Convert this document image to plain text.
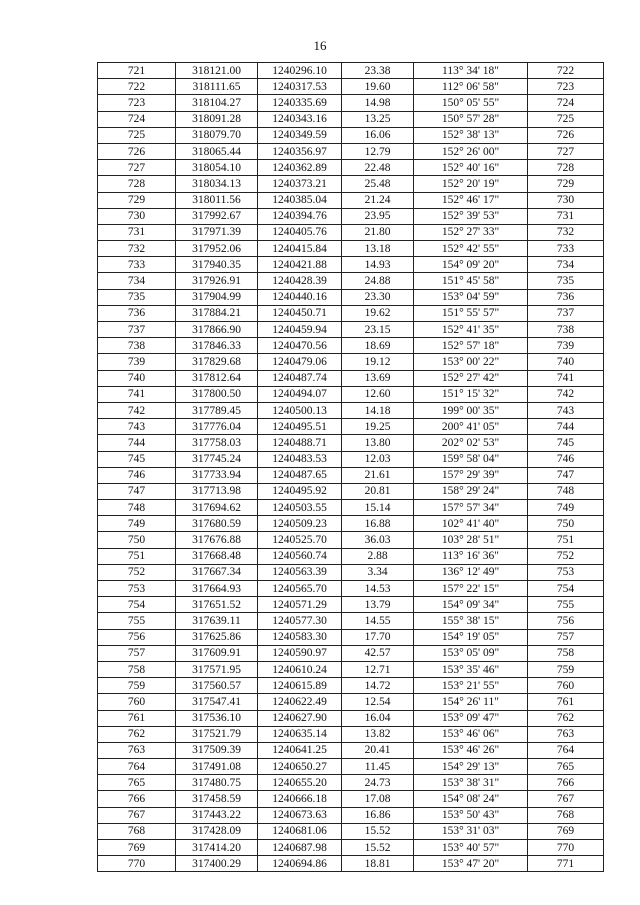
16
721	318121.00	1240296.10	23.38	113° 34' 18"	722
722	318111.65	1240317.53	19.60	112° 06' 58"	723
723	318104.27	1240335.69	14.98	150° 05' 55"	724
724	318091.28	1240343.16	13.25	150° 57' 28"	725
725	318079.70	1240349.59	16.06	152° 38' 13"	726
726	318065.44	1240356.97	12.79	152° 26' 00"	727
727	318054.10	1240362.89	22.48	152° 40' 16"	728
728	318034.13	1240373.21	25.48	152° 20' 19"	729
729	318011.56	1240385.04	21.24	152° 46' 17"	730
730	317992.67	1240394.76	23.95	152° 39' 53"	731
731	317971.39	1240405.76	21.80	152° 27' 33"	732
732	317952.06	1240415.84	13.18	152° 42' 55"	733
733	317940.35	1240421.88	14.93	154° 09' 20"	734
734	317926.91	1240428.39	24.88	151° 45' 58"	735
735	317904.99	1240440.16	23.30	153° 04' 59"	736
736	317884.21	1240450.71	19.62	151° 55' 57"	737
737	317866.90	1240459.94	23.15	152° 41' 35"	738
738	317846.33	1240470.56	18.69	152° 57' 18"	739
739	317829.68	1240479.06	19.12	153° 00' 22"	740
740	317812.64	1240487.74	13.69	152° 27' 42"	741
741	317800.50	1240494.07	12.60	151° 15' 32"	742
742	317789.45	1240500.13	14.18	199° 00' 35"	743
743	317776.04	1240495.51	19.25	200° 41' 05"	744
744	317758.03	1240488.71	13.80	202° 02' 53"	745
745	317745.24	1240483.53	12.03	159° 58' 04"	746
746	317733.94	1240487.65	21.61	157° 29' 39"	747
747	317713.98	1240495.92	20.81	158° 29' 24"	748
748	317694.62	1240503.55	15.14	157° 57' 34"	749
749	317680.59	1240509.23	16.88	102° 41' 40"	750
750	317676.88	1240525.70	36.03	103° 28' 51"	751
751	317668.48	1240560.74	2.88	113° 16' 36"	752
752	317667.34	1240563.39	3.34	136° 12' 49"	753
753	317664.93	1240565.70	14.53	157° 22' 15"	754
754	317651.52	1240571.29	13.79	154° 09' 34"	755
755	317639.11	1240577.30	14.55	155° 38' 15"	756
756	317625.86	1240583.30	17.70	154° 19' 05"	757
757	317609.91	1240590.97	42.57	153° 05' 09"	758
758	317571.95	1240610.24	12.71	153° 35' 46"	759
759	317560.57	1240615.89	14.72	153° 21' 55"	760
760	317547.41	1240622.49	12.54	154° 26' 11"	761
761	317536.10	1240627.90	16.04	153° 09' 47"	762
762	317521.79	1240635.14	13.82	153° 46' 06"	763
763	317509.39	1240641.25	20.41	153° 46' 26"	764
764	317491.08	1240650.27	11.45	154° 29' 13"	765
765	317480.75	1240655.20	24.73	153° 38' 31"	766
766	317458.59	1240666.18	17.08	154° 08' 24"	767
767	317443.22	1240673.63	16.86	153° 50' 43"	768
768	317428.09	1240681.06	15.52	153° 31' 03"	769
769	317414.20	1240687.98	15.52	153° 40' 57"	770
770	317400.29	1240694.86	18.81	153° 47' 20"	771
